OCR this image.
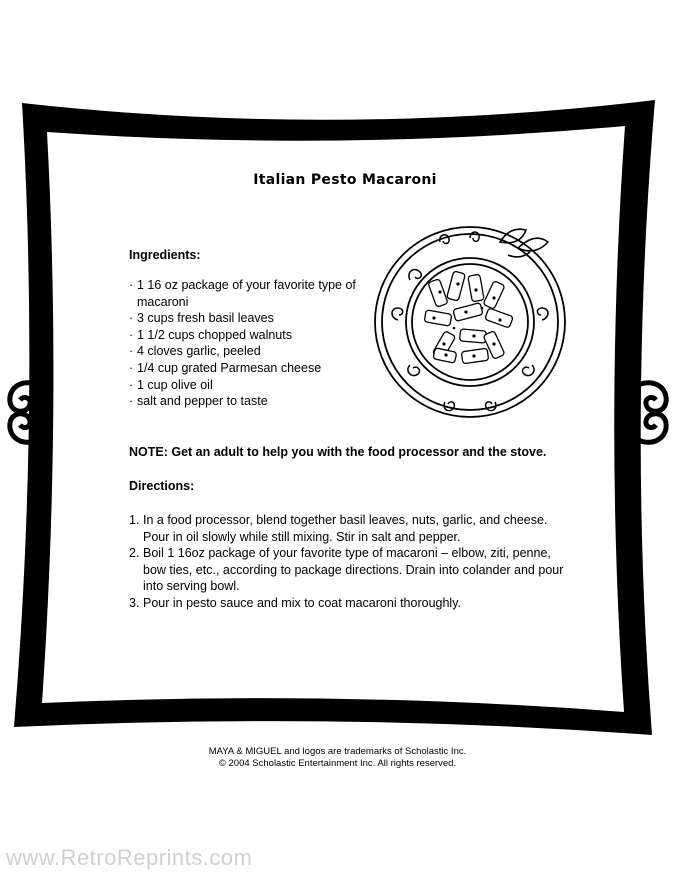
Italian Pesto Macaroni
Ingredients:
· 1 16 oz package of your favorite type of macaroni
· 3 cups fresh basil leaves
· 1 1/2 cups chopped walnuts
· 4 cloves garlic, peeled
· 1/4 cup grated Parmesan cheese
· 1 cup olive oil
· salt and pepper to taste
NOTE: Get an adult to help you with the food processor and the stove.
Directions:
1. In a food processor, blend together basil leaves, nuts, garlic, and cheese. Pour in oil slowly while still mixing. Stir in salt and pepper.
2. Boil 1 16oz package of your favorite type of macaroni – elbow, ziti, penne, bow ties, etc., according to package directions. Drain into colander and pour into serving bowl.
3. Pour in pesto sauce and mix to coat macaroni thoroughly.
MAYA & MIGUEL and logos are trademarks of Scholastic Inc.
© 2004 Scholastic Entertainment Inc. All rights reserved.
www.RetroReprints.com
